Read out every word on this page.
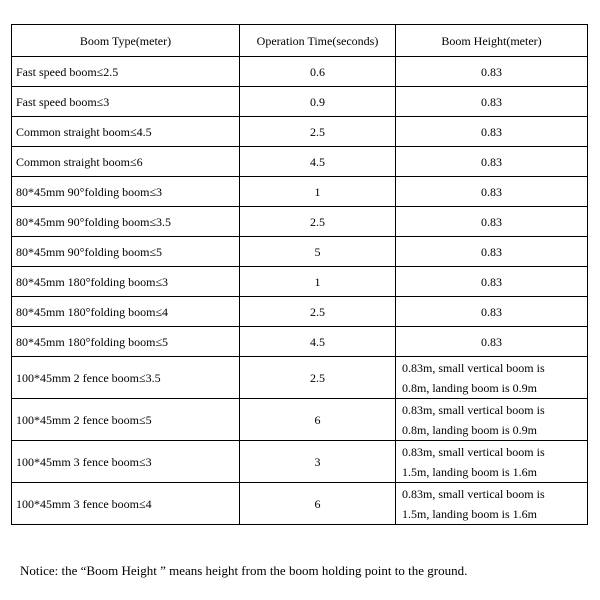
Boom Type(meter)	Operation Time(seconds)	Boom Height(meter)
Fast speed boom≤2.5	0.6	0.83

Fast speed boom≤3	0.9	0.83

Common straight boom≤4.5	2.5	0.83

Common straight boom≤6	4.5	0.83

80*45mm 90°folding boom≤3	1	0.83

80*45mm 90°folding boom≤3.5	2.5	0.83

80*45mm 90°folding boom≤5	5	0.83

80*45mm 180°folding boom≤3	1	0.83

80*45mm 180°folding boom≤4	2.5	0.83

80*45mm 180°folding boom≤5	4.5	0.83

100*45mm 2 fence boom≤3.5	2.5	0.83m, small vertical boom is
0.8m, landing boom is 0.9m

100*45mm 2 fence boom≤5	6	0.83m, small vertical boom is
0.8m, landing boom is 0.9m

100*45mm 3 fence boom≤3	3	0.83m, small vertical boom is
1.5m, landing boom is 1.6m

100*45mm 3 fence boom≤4	6	0.83m, small vertical boom is
1.5m, landing boom is 1.6m
Notice: the “Boom Height ” means height from the boom holding point to the ground.
